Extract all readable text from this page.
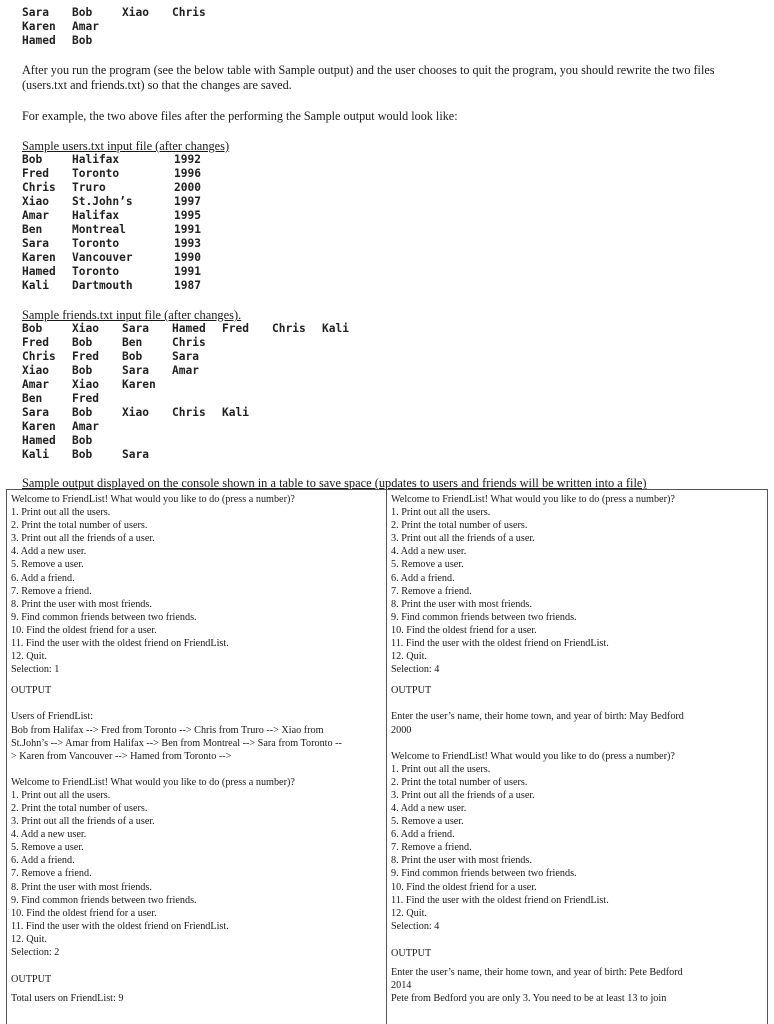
Sara	Bob	Xiao	Chris
Karen	Amar
Hamed	Bob
After you run the program (see the below table with Sample output) and the user chooses to quit the program, you should rewrite the two files (users.txt and friends.txt) so that the changes are saved.
For example, the two above files after the performing the Sample output would look like:
Sample users.txt input file (after changes)
Bob	Halifax	1992
Fred	Toronto	1996
Chris	Truro	2000
Xiao	St.John’s	1997
Amar	Halifax	1995
Ben	Montreal	1991
Sara	Toronto	1993
Karen	Vancouver	1990
Hamed	Toronto	1991
Kali	Dartmouth	1987
Sample friends.txt input file (after changes).
Bob	Xiao	Sara	Hamed	Fred	Chris	Kali
Fred	Bob	Ben	Chris
Chris	Fred	Bob	Sara
Xiao	Bob	Sara	Amar
Amar	Xiao	Karen
Ben	Fred
Sara	Bob	Xiao	Chris	Kali
Karen	Amar
Hamed	Bob
Kali	Bob	Sara
Sample output displayed on the console shown in a table to save space (updates to users and friends will be written into a file)

Welcome to FriendList! What would you like to do (press a number)?

1. Print out all the users.

2. Print the total number of users.

3. Print out all the friends of a user.

4. Add a new user.

5. Remove a user.

6. Add a friend.

7. Remove a friend.

8. Print the user with most friends.

9. Find common friends between two friends.

10. Find the oldest friend for a user.

11. Find the user with the oldest friend on FriendList.

12. Quit.

Selection: 1

OUTPUT

Users of FriendList:

Bob from Halifax --> Fred from Toronto --> Chris from Truro --> Xiao from

St.John’s --> Amar from Halifax --> Ben from Montreal --> Sara from Toronto --

> Karen from Vancouver --> Hamed from Toronto -->

Welcome to FriendList! What would you like to do (press a number)?

1. Print out all the users.

2. Print the total number of users.

3. Print out all the friends of a user.

4. Add a new user.

5. Remove a user.

6. Add a friend.

7. Remove a friend.

8. Print the user with most friends.

9. Find common friends between two friends.

10. Find the oldest friend for a user.

11. Find the user with the oldest friend on FriendList.

12. Quit.

Selection: 2

OUTPUT

Total users on FriendList: 9

Welcome to FriendList! What would you like to do (press a number)?

1. Print out all the users.

2. Print the total number of users.

3. Print out all the friends of a user.

4. Add a new user.

5. Remove a user.

6. Add a friend.

7. Remove a friend.

8. Print the user with most friends.

9. Find common friends between two friends.

10. Find the oldest friend for a user.

11. Find the user with the oldest friend on FriendList.

12. Quit.

Selection: 4

OUTPUT

Enter the user’s name, their home town, and year of birth: May Bedford

2000

Welcome to FriendList! What would you like to do (press a number)?

1. Print out all the users.

2. Print the total number of users.

3. Print out all the friends of a user.

4. Add a new user.

5. Remove a user.

6. Add a friend.

7. Remove a friend.

8. Print the user with most friends.

9. Find common friends between two friends.

10. Find the oldest friend for a user.

11. Find the user with the oldest friend on FriendList.

12. Quit.

Selection: 4

OUTPUT

Enter the user’s name, their home town, and year of birth: Pete Bedford

2014

Pete from Bedford you are only 3. You need to be at least 13 to join
